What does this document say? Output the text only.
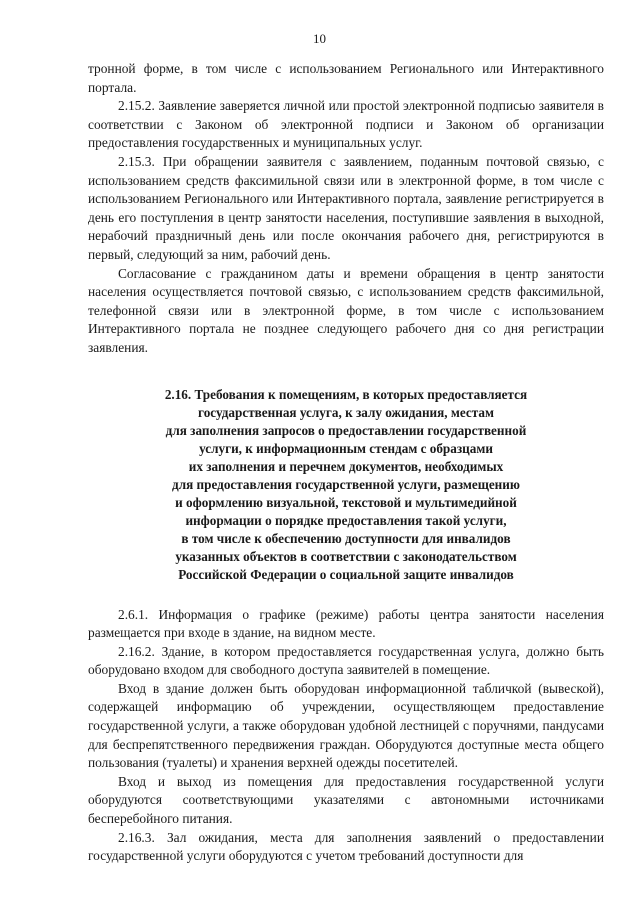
10

тронной форме, в том числе с использованием Регионального или Интерактивного портала.

2.15.2. Заявление заверяется личной или простой электронной подписью заявителя в соответствии с Законом об электронной подписи и Законом об организации предоставления государственных и муниципальных услуг.

2.15.3. При обращении заявителя с заявлением, поданным почтовой связью, с использованием средств факсимильной связи или в электронной форме, в том числе с использованием Регионального или Интерактивного портала, заявление регистрируется в день его поступления в центр занятости населения, поступившие заявления в выходной, нерабочий праздничный день или после окончания рабочего дня, регистрируются в первый, следующий за ним, рабочий день.

Согласование с гражданином даты и времени обращения в центр занятости населения осуществляется почтовой связью, с использованием средств факсимильной, телефонной связи или в электронной форме, в том числе с использованием Интерактивного портала не позднее следующего рабочего дня со дня регистрации заявления.

2.16. Требования к помещениям, в которых предоставляется
государственная услуга, к залу ожидания, местам
для заполнения запросов о предоставлении государственной
услуги, к информационным стендам с образцами
их заполнения и перечнем документов, необходимых
для предоставления государственной услуги, размещению
и оформлению визуальной, текстовой и мультимедийной
информации о порядке предоставления такой услуги,
в том числе к обеспечению доступности для инвалидов
указанных объектов в соответствии с законодательством
Российской Федерации о социальной защите инвалидов

2.6.1. Информация о графике (режиме) работы центра занятости населения размещается при входе в здание, на видном месте.

2.16.2. Здание, в котором предоставляется государственная услуга, должно быть оборудовано входом для свободного доступа заявителей в помещение.

Вход в здание должен быть оборудован информационной табличкой (вывеской), содержащей информацию об учреждении, осуществляющем предоставление государственной услуги, а также оборудован удобной лестницей с поручнями, пандусами для беспрепятственного передвижения граждан. Оборудуются доступные места общего пользования (туалеты) и хранения верхней одежды посетителей.

Вход и выход из помещения для предоставления государственной услуги оборудуются соответствующими указателями с автономными источниками бесперебойного питания.

2.16.3. Зал ожидания, места для заполнения заявлений о предоставлении государственной услуги оборудуются с учетом требований доступности для
